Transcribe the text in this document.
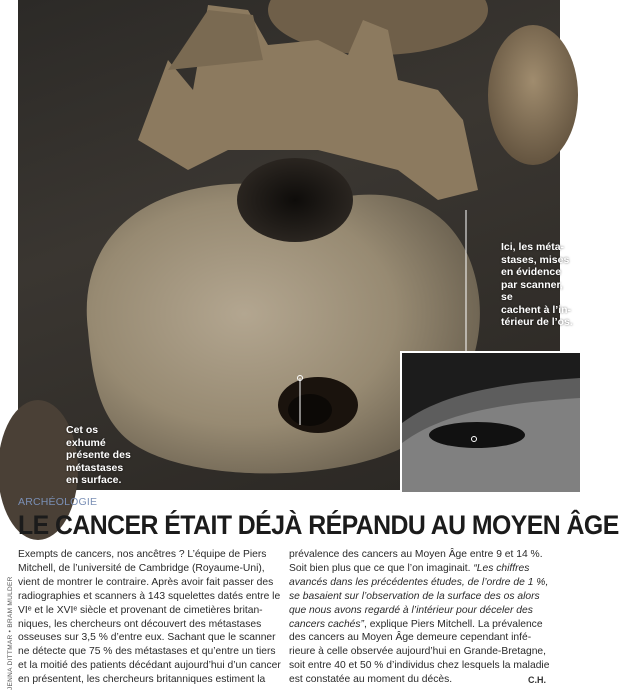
Ici, les méta-
stases, mises
en évidence
par scanner, se
cachent à l’in-
térieur de l’os.
Cet os exhumé
présente des
métastases
en surface.
JENNA DITTMAR • BRAM MULDER
ARCHÉOLOGIE
LE CANCER ÉTAIT DÉJÀ RÉPANDU AU MOYEN ÂGE
Exempts de cancers, nos ancêtres ? L’équipe de Piers
Mitchell, de l’université de Cambridge (Royaume-Uni),
vient de montrer le contraire. Après avoir fait passer des
radiographies et scanners à 143 squelettes datés entre le
VIᵉ et le XVIᵉ siècle et provenant de cimetières britan-
niques, les chercheurs ont découvert des métastases
osseuses sur 3,5 % d’entre eux. Sachant que le scanner
ne détecte que 75 % des métastases et qu’entre un tiers
et la moitié des patients décédant aujourd’hui d’un cancer
en présentent, les chercheurs britanniques estiment la
prévalence des cancers au Moyen Âge entre 9 et 14 %.
Soit bien plus que ce que l’on imaginait. “Les chiffres
avancés dans les précédentes études, de l’ordre de 1 %,
se basaient sur l’observation de la surface des os alors
que nous avons regardé à l’intérieur pour déceler des
cancers cachés”, explique Piers Mitchell. La prévalence
des cancers au Moyen Âge demeure cependant infé-
rieure à celle observée aujourd’hui en Grande-Bretagne,
soit entre 40 et 50 % d’individus chez lesquels la maladie
est constatée au moment du décès.	C.H.
